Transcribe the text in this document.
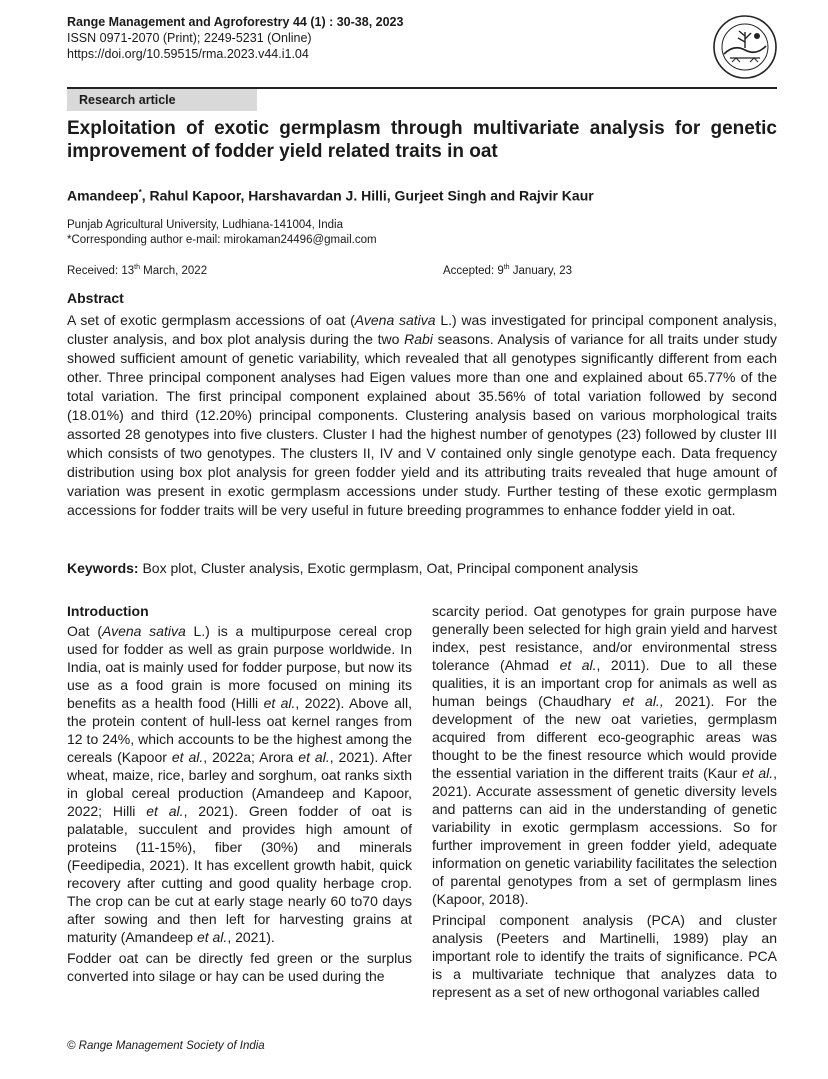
Range Management and Agroforestry 44 (1) : 30-38, 2023
ISSN 0971-2070 (Print); 2249-5231 (Online)
https://doi.org/10.59515/rma.2023.v44.i1.04
Research article
Exploitation of exotic germplasm through multivariate analysis for genetic improvement of fodder yield related traits in oat
Amandeep*, Rahul Kapoor, Harshavardan J. Hilli, Gurjeet Singh and Rajvir Kaur
Punjab Agricultural University, Ludhiana-141004, India
*Corresponding author e-mail: mirokaman24496@gmail.com
Received: 13th March, 2022	Accepted: 9th January, 23
Abstract

A set of exotic germplasm accessions of oat (Avena sativa L.) was investigated for principal component analysis, cluster analysis, and box plot analysis during the two Rabi seasons. Analysis of variance for all traits under study showed sufficient amount of genetic variability, which revealed that all genotypes significantly different from each other. Three principal component analyses had Eigen values more than one and explained about 65.77% of the total variation. The first principal component explained about 35.56% of total variation followed by second (18.01%) and third (12.20%) principal components. Clustering analysis based on various morphological traits assorted 28 genotypes into five clusters. Cluster I had the highest number of genotypes (23) followed by cluster III which consists of two genotypes. The clusters II, IV and V contained only single genotype each. Data frequency distribution using box plot analysis for green fodder yield and its attributing traits revealed that huge amount of variation was present in exotic germplasm accessions under study. Further testing of these exotic germplasm accessions for fodder traits will be very useful in future breeding programmes to enhance fodder yield in oat.

Keywords: Box plot, Cluster analysis, Exotic germplasm, Oat, Principal component analysis
Introduction

Oat (Avena sativa L.) is a multipurpose cereal crop used for fodder as well as grain purpose worldwide. In India, oat is mainly used for fodder purpose, but now its use as a food grain is more focused on mining its benefits as a health food (Hilli et al., 2022). Above all, the protein content of hull-less oat kernel ranges from 12 to 24%, which accounts to be the highest among the cereals (Kapoor et al., 2022a; Arora et al., 2021). After wheat, maize, rice, barley and sorghum, oat ranks sixth in global cereal production (Amandeep and Kapoor, 2022; Hilli et al., 2021). Green fodder of oat is palatable, succulent and provides high amount of proteins (11-15%), fiber (30%) and minerals (Feedipedia, 2021). It has excellent growth habit, quick recovery after cutting and good quality herbage crop. The crop can be cut at early stage nearly 60 to70 days after sowing and then left for harvesting grains at maturity (Amandeep et al., 2021).

Fodder oat can be directly fed green or the surplus converted into silage or hay can be used during the

scarcity period. Oat genotypes for grain purpose have generally been selected for high grain yield and harvest index, pest resistance, and/or environmental stress tolerance (Ahmad et al., 2011). Due to all these qualities, it is an important crop for animals as well as human beings (Chaudhary et al., 2021). For the development of the new oat varieties, germplasm acquired from different eco-geographic areas was thought to be the finest resource which would provide the essential variation in the different traits (Kaur et al., 2021). Accurate assessment of genetic diversity levels and patterns can aid in the understanding of genetic variability in exotic germplasm accessions. So for further improvement in green fodder yield, adequate information on genetic variability facilitates the selection of parental genotypes from a set of germplasm lines (Kapoor, 2018).

Principal component analysis (PCA) and cluster analysis (Peeters and Martinelli, 1989) play an important role to identify the traits of significance. PCA is a multivariate technique that analyzes data to represent as a set of new orthogonal variables called

© Range Management Society of India
